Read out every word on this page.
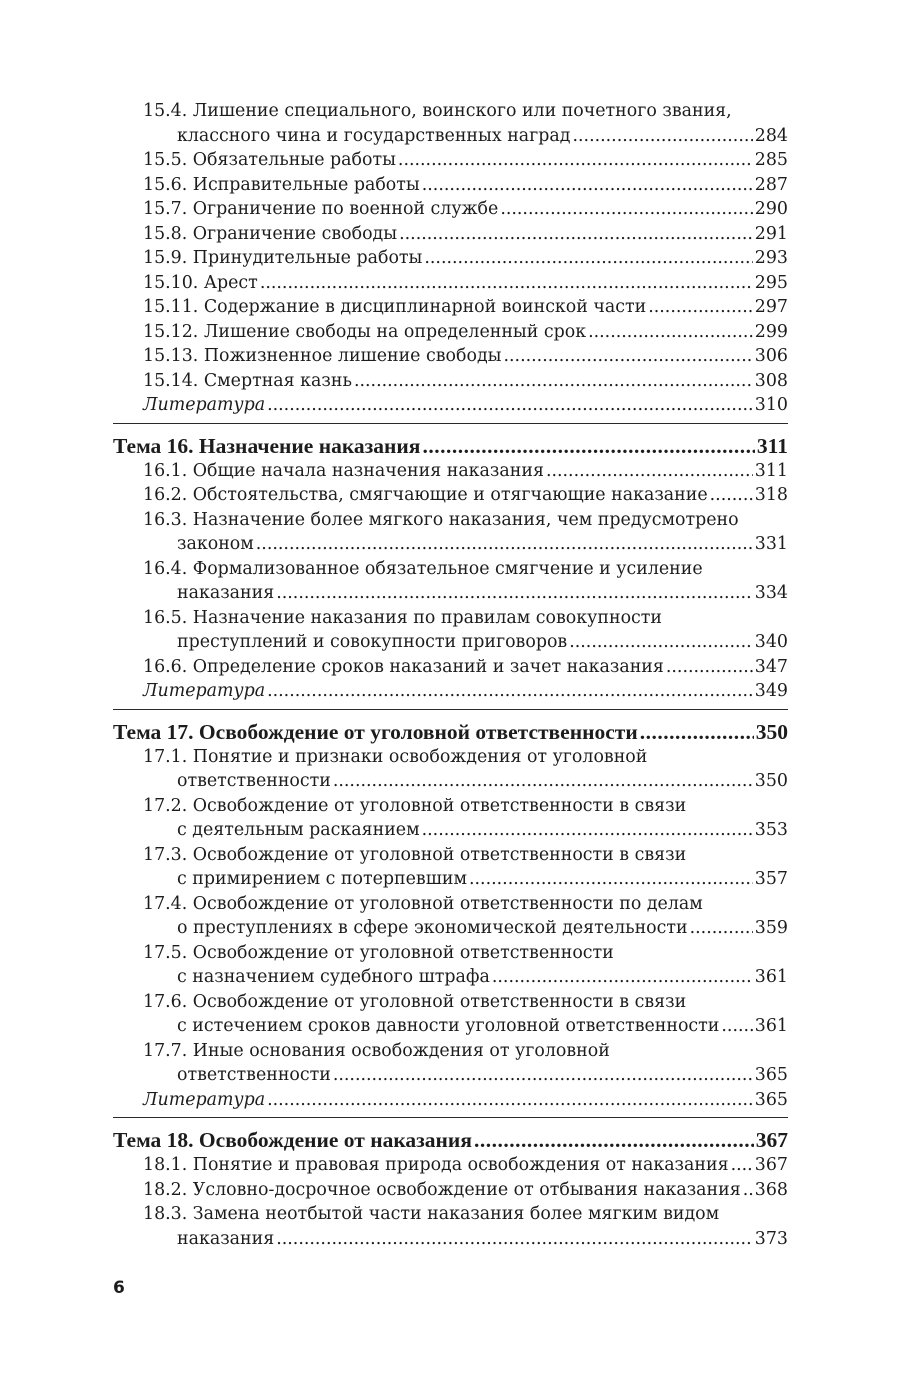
15.4. Лишение специального, воинского или почетного звания,
классного чина и государственных наград .....	284
15.5. Обязательные работы .....	285
15.6. Исправительные работы .....	287
15.7. Ограничение по военной службе .....	290
15.8. Ограничение свободы .....	291
15.9. Принудительные работы .....	293
15.10. Арест .....	295
15.11. Содержание в дисциплинарной воинской части .....	297
15.12. Лишение свободы на определенный срок .....	299
15.13. Пожизненное лишение свободы .....	306
15.14. Смертная казнь .....	308
Литература .....	310
Тема 16. Назначение наказания .....	311
16.1. Общие начала назначения наказания .....	311
16.2. Обстоятельства, смягчающие и отягчающие наказание .....	318
16.3. Назначение более мягкого наказания, чем предусмотрено
законом .....	331
16.4. Формализованное обязательное смягчение и усиление
наказания .....	334
16.5. Назначение наказания по правилам совокупности
преступлений и совокупности приговоров .....	340
16.6. Определение сроков наказаний и зачет наказания .....	347
Литература .....	349
Тема 17. Освобождение от уголовной ответственности .....	350
17.1. Понятие и признаки освобождения от уголовной
ответственности .....	350
17.2. Освобождение от уголовной ответственности в связи
с деятельным раскаянием .....	353
17.3. Освобождение от уголовной ответственности в связи
с примирением с потерпевшим .....	357
17.4. Освобождение от уголовной ответственности по делам
о преступлениях в сфере экономической деятельности .....	359
17.5. Освобождение от уголовной ответственности
с назначением судебного штрафа .....	361
17.6. Освобождение от уголовной ответственности в связи
с истечением сроков давности уголовной ответственности ..... 361
17.7. Иные основания освобождения от уголовной
ответственности .....	365
Литература .....	365
Тема 18. Освобождение от наказания .....	367
18.1. Понятие и правовая природа освобождения от наказания ..... 367
18.2. Условно-досрочное освобождение от отбывания наказания ..... 368
18.3. Замена неотбытой части наказания более мягким видом
наказания .....	373
6
